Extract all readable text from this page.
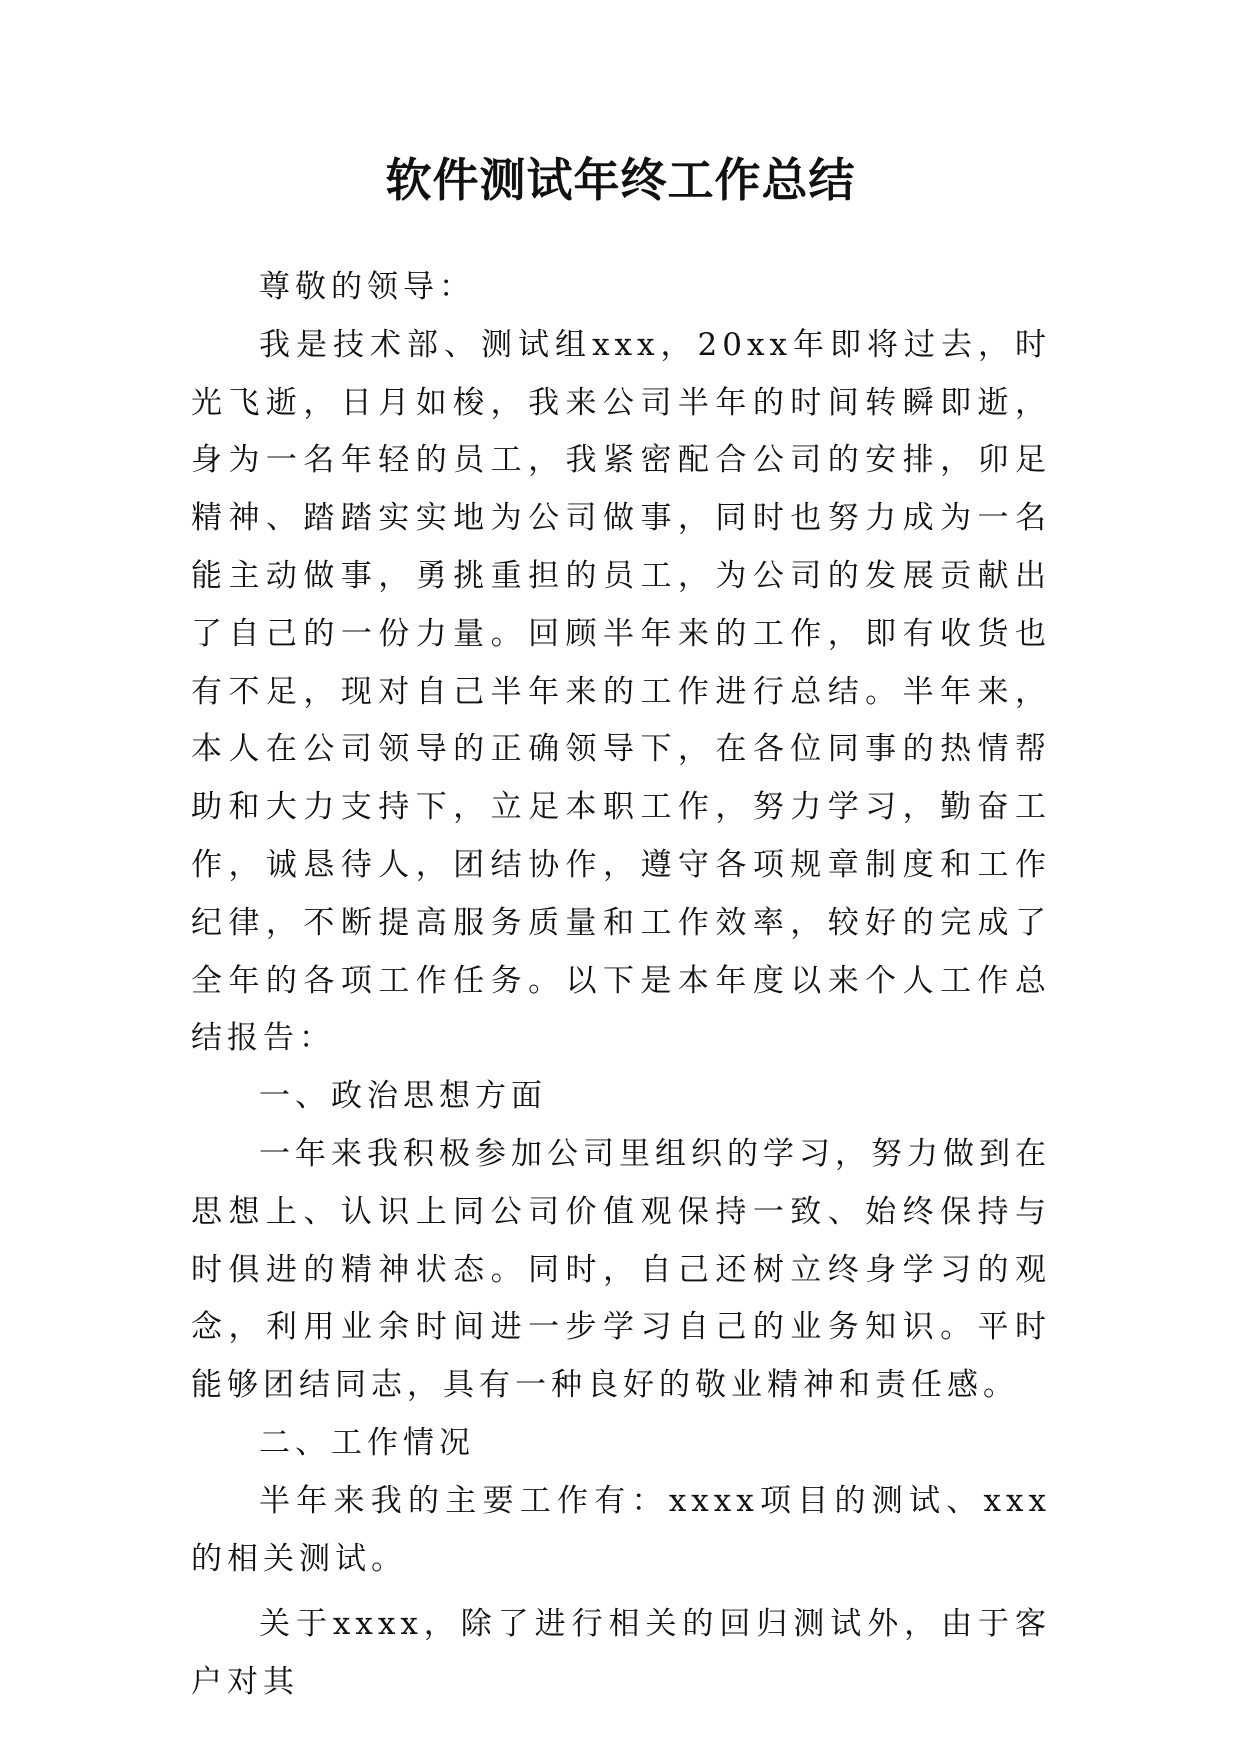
软件测试年终工作总结

尊敬的领导：

我是技术部、测试组xxx，20xx年即将过去，时光飞逝，日月如梭，我来公司半年的时间转瞬即逝，身为一名年轻的员工，我紧密配合公司的安排，卯足精神、踏踏实实地为公司做事，同时也努力成为一名能主动做事，勇挑重担的员工，为公司的发展贡献出了自己的一份力量。回顾半年来的工作，即有收货也有不足，现对自己半年来的工作进行总结。半年来，本人在公司领导的正确领导下，在各位同事的热情帮助和大力支持下，立足本职工作，努力学习，勤奋工作，诚恳待人，团结协作，遵守各项规章制度和工作纪律，不断提高服务质量和工作效率，较好的完成了全年的各项工作任务。以下是本年度以来个人工作总结报告：

一、政治思想方面

一年来我积极参加公司里组织的学习，努力做到在思想上、认识上同公司价值观保持一致、始终保持与时俱进的精神状态。同时，自己还树立终身学习的观念，利用业余时间进一步学习自己的业务知识。平时能够团结同志，具有一种良好的敬业精神和责任感。

二、工作情况

半年来我的主要工作有：xxxx项目的测试、xxx的相关测试。

关于xxxx，除了进行相关的回归测试外，由于客户对其
